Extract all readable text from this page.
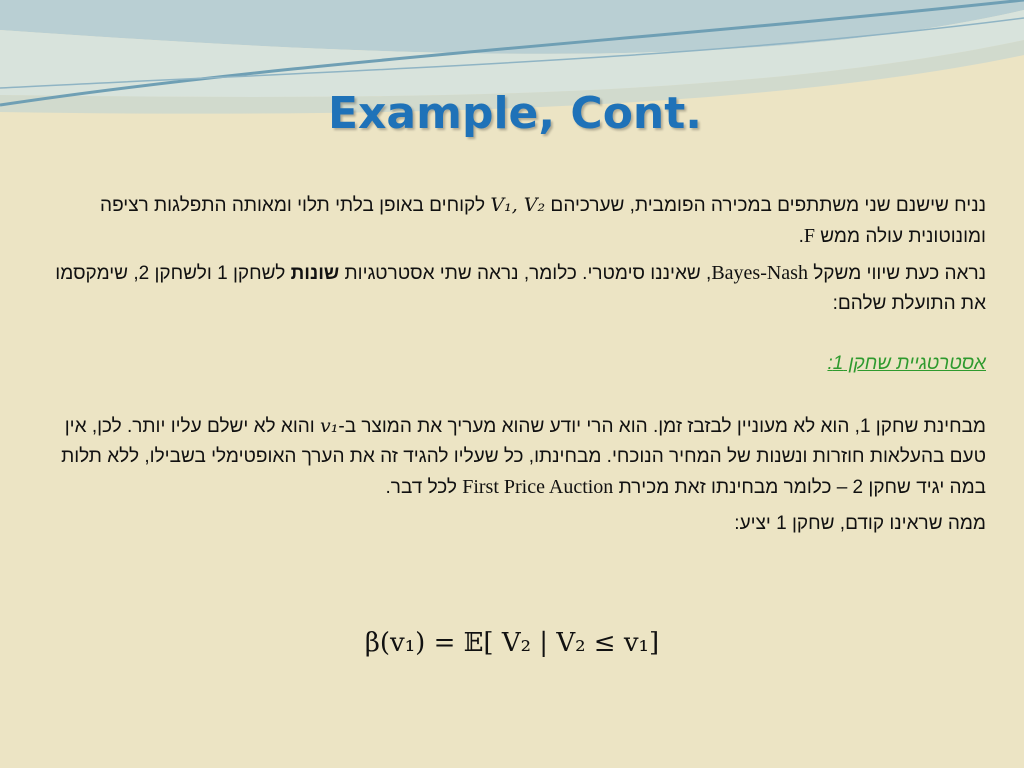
Example, Cont.

נניח שישנם שני משתתפים במכירה הפומבית, שערכיהם V₁, V₂ לקוחים באופן בלתי תלוי ומאותה התפלגות רציפה ומונוטונית עולה ממש F.

נראה כעת שיווי משקל Bayes-Nash, שאיננו סימטרי. כלומר, נראה שתי אסטרטגיות שונות לשחקן 1 ולשחקן 2, שימקסמו את התועלת שלהם:

אסטרטגיית שחקן 1:

מבחינת שחקן 1, הוא לא מעוניין לבזבז זמן. הוא הרי יודע שהוא מעריך את המוצר ב-v₁ והוא לא ישלם עליו יותר. לכן, אין טעם בהעלאות חוזרות ונשנות של המחיר הנוכחי. מבחינתו, כל שעליו להגיד זה את הערך האופטימלי בשבילו, ללא תלות במה יגיד שחקן 2 – כלומר מבחינתו זאת מכירת First Price Auction לכל דבר.

ממה שראינו קודם, שחקן 1 יציע:

β(v₁) = 𝔼[ V₂ | V₂ ≤ v₁]
